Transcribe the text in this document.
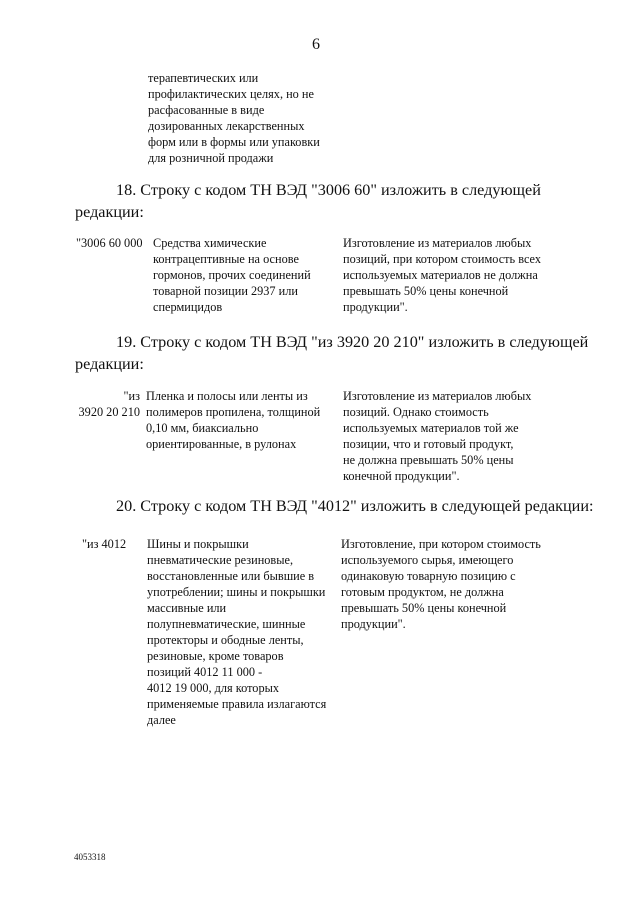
6
терапевтических или
профилактических целях, но не
расфасованные в виде
дозированных лекарственных
форм или в формы или упаковки
для розничной продажи
18. Строку с кодом ТН ВЭД "3006 60" изложить в следующей
редакции:
"3006 60 000 Средства химические
контрацептивные на основе
гормонов, прочих соединений
товарной позиции 2937 или
спермицидов
Изготовление из материалов любых
позиций, при котором стоимость всех
используемых материалов не должна
превышать 50% цены конечной
продукции".
19. Строку с кодом ТН ВЭД "из 3920 20 210" изложить в следующей
редакции:
"из
3920 20 210
Пленка и полосы или ленты из
полимеров пропилена, толщиной
0,10 мм, биаксиально
ориентированные, в рулонах
Изготовление из материалов любых
позиций. Однако стоимость
используемых материалов той же
позиции, что и готовый продукт,
не должна превышать 50% цены
конечной продукции".
20. Строку с кодом ТН ВЭД "4012" изложить в следующей редакции:
"из 4012 Шины и покрышки
пневматические резиновые,
восстановленные или бывшие в
употреблении; шины и покрышки
массивные или
полупневматические, шинные
протекторы и ободные ленты,
резиновые, кроме товаров
позиций 4012 11 000 -
4012 19 000, для которых
применяемые правила излагаются
далее
Изготовление, при котором стоимость
используемого сырья, имеющего
одинаковую товарную позицию с
готовым продуктом, не должна
превышать 50% цены конечной
продукции".
4053318
